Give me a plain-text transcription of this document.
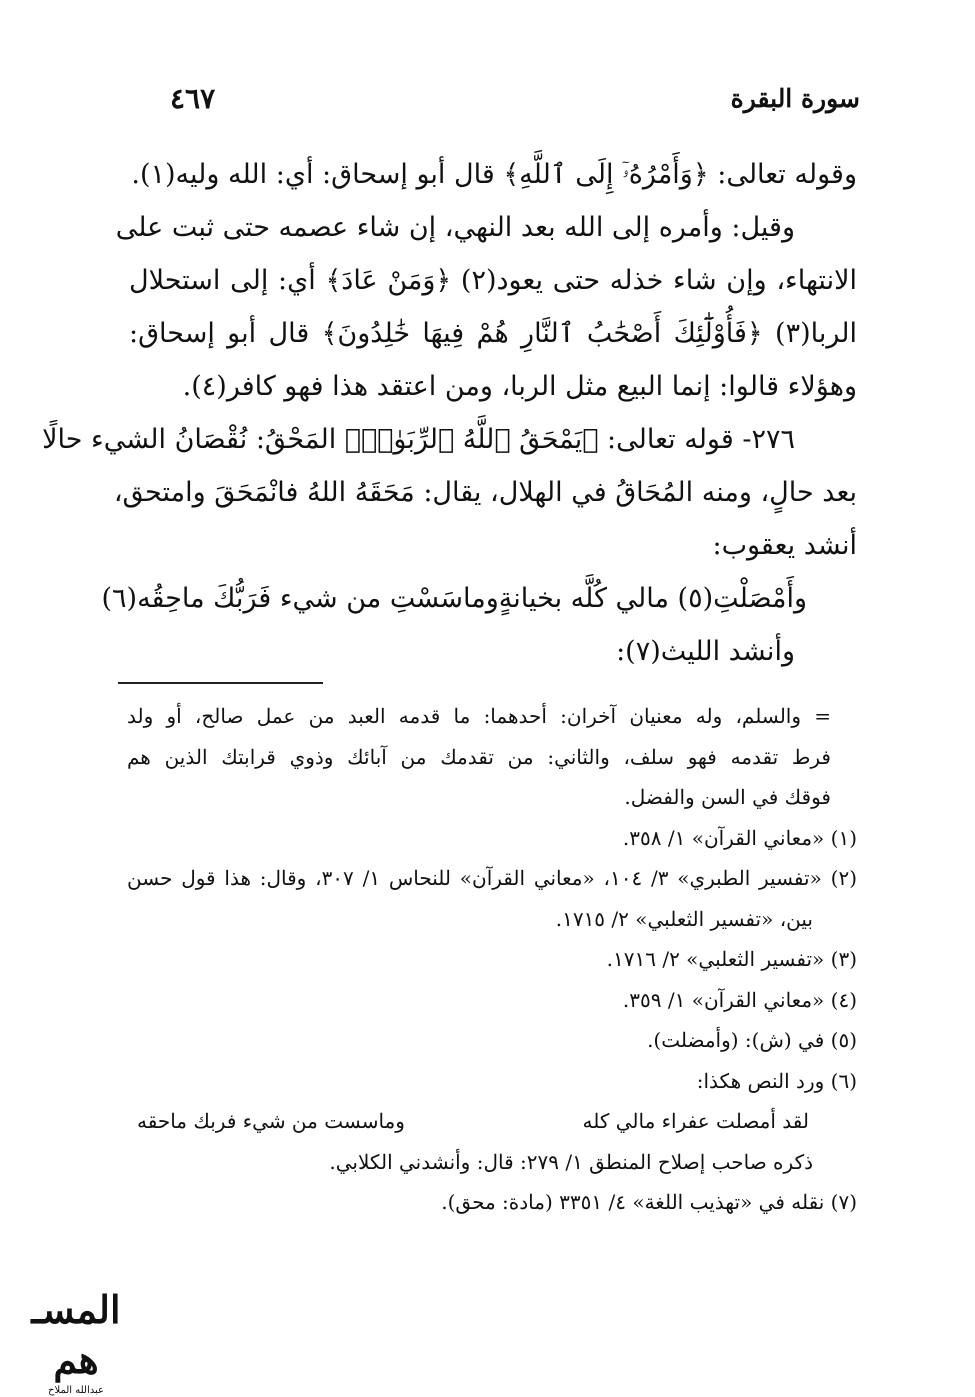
سورة البقرة
٤٦٧
وقوله تعالى: ﴿وَأَمْرُهُۥٓ إِلَى ٱللَّهِ﴾ قال أبو إسحاق: أي: الله وليه(١).
وقيل: وأمره إلى الله بعد النهي، إن شاء عصمه حتى ثبت على
الانتهاء، وإن شاء خذله حتى يعود(٢) ﴿وَمَنْ عَادَ﴾ أي: إلى استحلال
الربا(٣) ﴿فَأُوْلَٰٓئِكَ أَصْحَٰبُ ٱلنَّارِ هُمْ فِيهَا خَٰلِدُونَ﴾ قال أبو إسحاق:
وهؤلاء قالوا: إنما البيع مثل الربا، ومن اعتقد هذا فهو كافر(٤).
٢٧٦- قوله تعالى: ﴿يَمْحَقُ ٱللَّهُ ٱلرِّبَوٰا۟﴾ المَحْقُ: نُقْصَانُ الشيء حالًا
بعد حالٍ، ومنه المُحَاقُ في الهلال، يقال: مَحَقَهُ اللهُ فانْمَحَقَ وامتحق،
أنشد يعقوب:
وأَمْصَلْتِ(٥) مالي كُلَّه بخيانةٍ
وماسَسْتِ من شيء فَرَبُّكَ ماحِقُه(٦)
وأنشد الليث(٧):
= والسلم، وله معنيان آخران: أحدهما: ما قدمه العبد من عمل صالح، أو ولد
فرط تقدمه فهو سلف، والثاني: من تقدمك من آبائك وذوي قرابتك الذين هم
فوقك في السن والفضل.
(١) «معاني القرآن» ١/ ٣٥٨.
(٢) «تفسير الطبري» ٣/ ١٠٤، «معاني القرآن» للنحاس ١/ ٣٠٧، وقال: هذا قول حسن
بين، «تفسير الثعلبي» ٢/ ١٧١٥.
(٣) «تفسير الثعلبي» ٢/ ١٧١٦.
(٤) «معاني القرآن» ١/ ٣٥٩.
(٥) في (ش): (وأمضلت).
(٦) ورد النص هكذا:
لقد أمصلت عفراء مالي كله
وماسست من شيء فربك ماحقه
ذكره صاحب إصلاح المنطق ١/ ٢٧٩: قال: وأنشدني الكلابي.
(٧) نقله في «تهذيب اللغة» ٤/ ٣٣٥١ (مادة: محق).
المسـ هم
عبدالله الملاح
